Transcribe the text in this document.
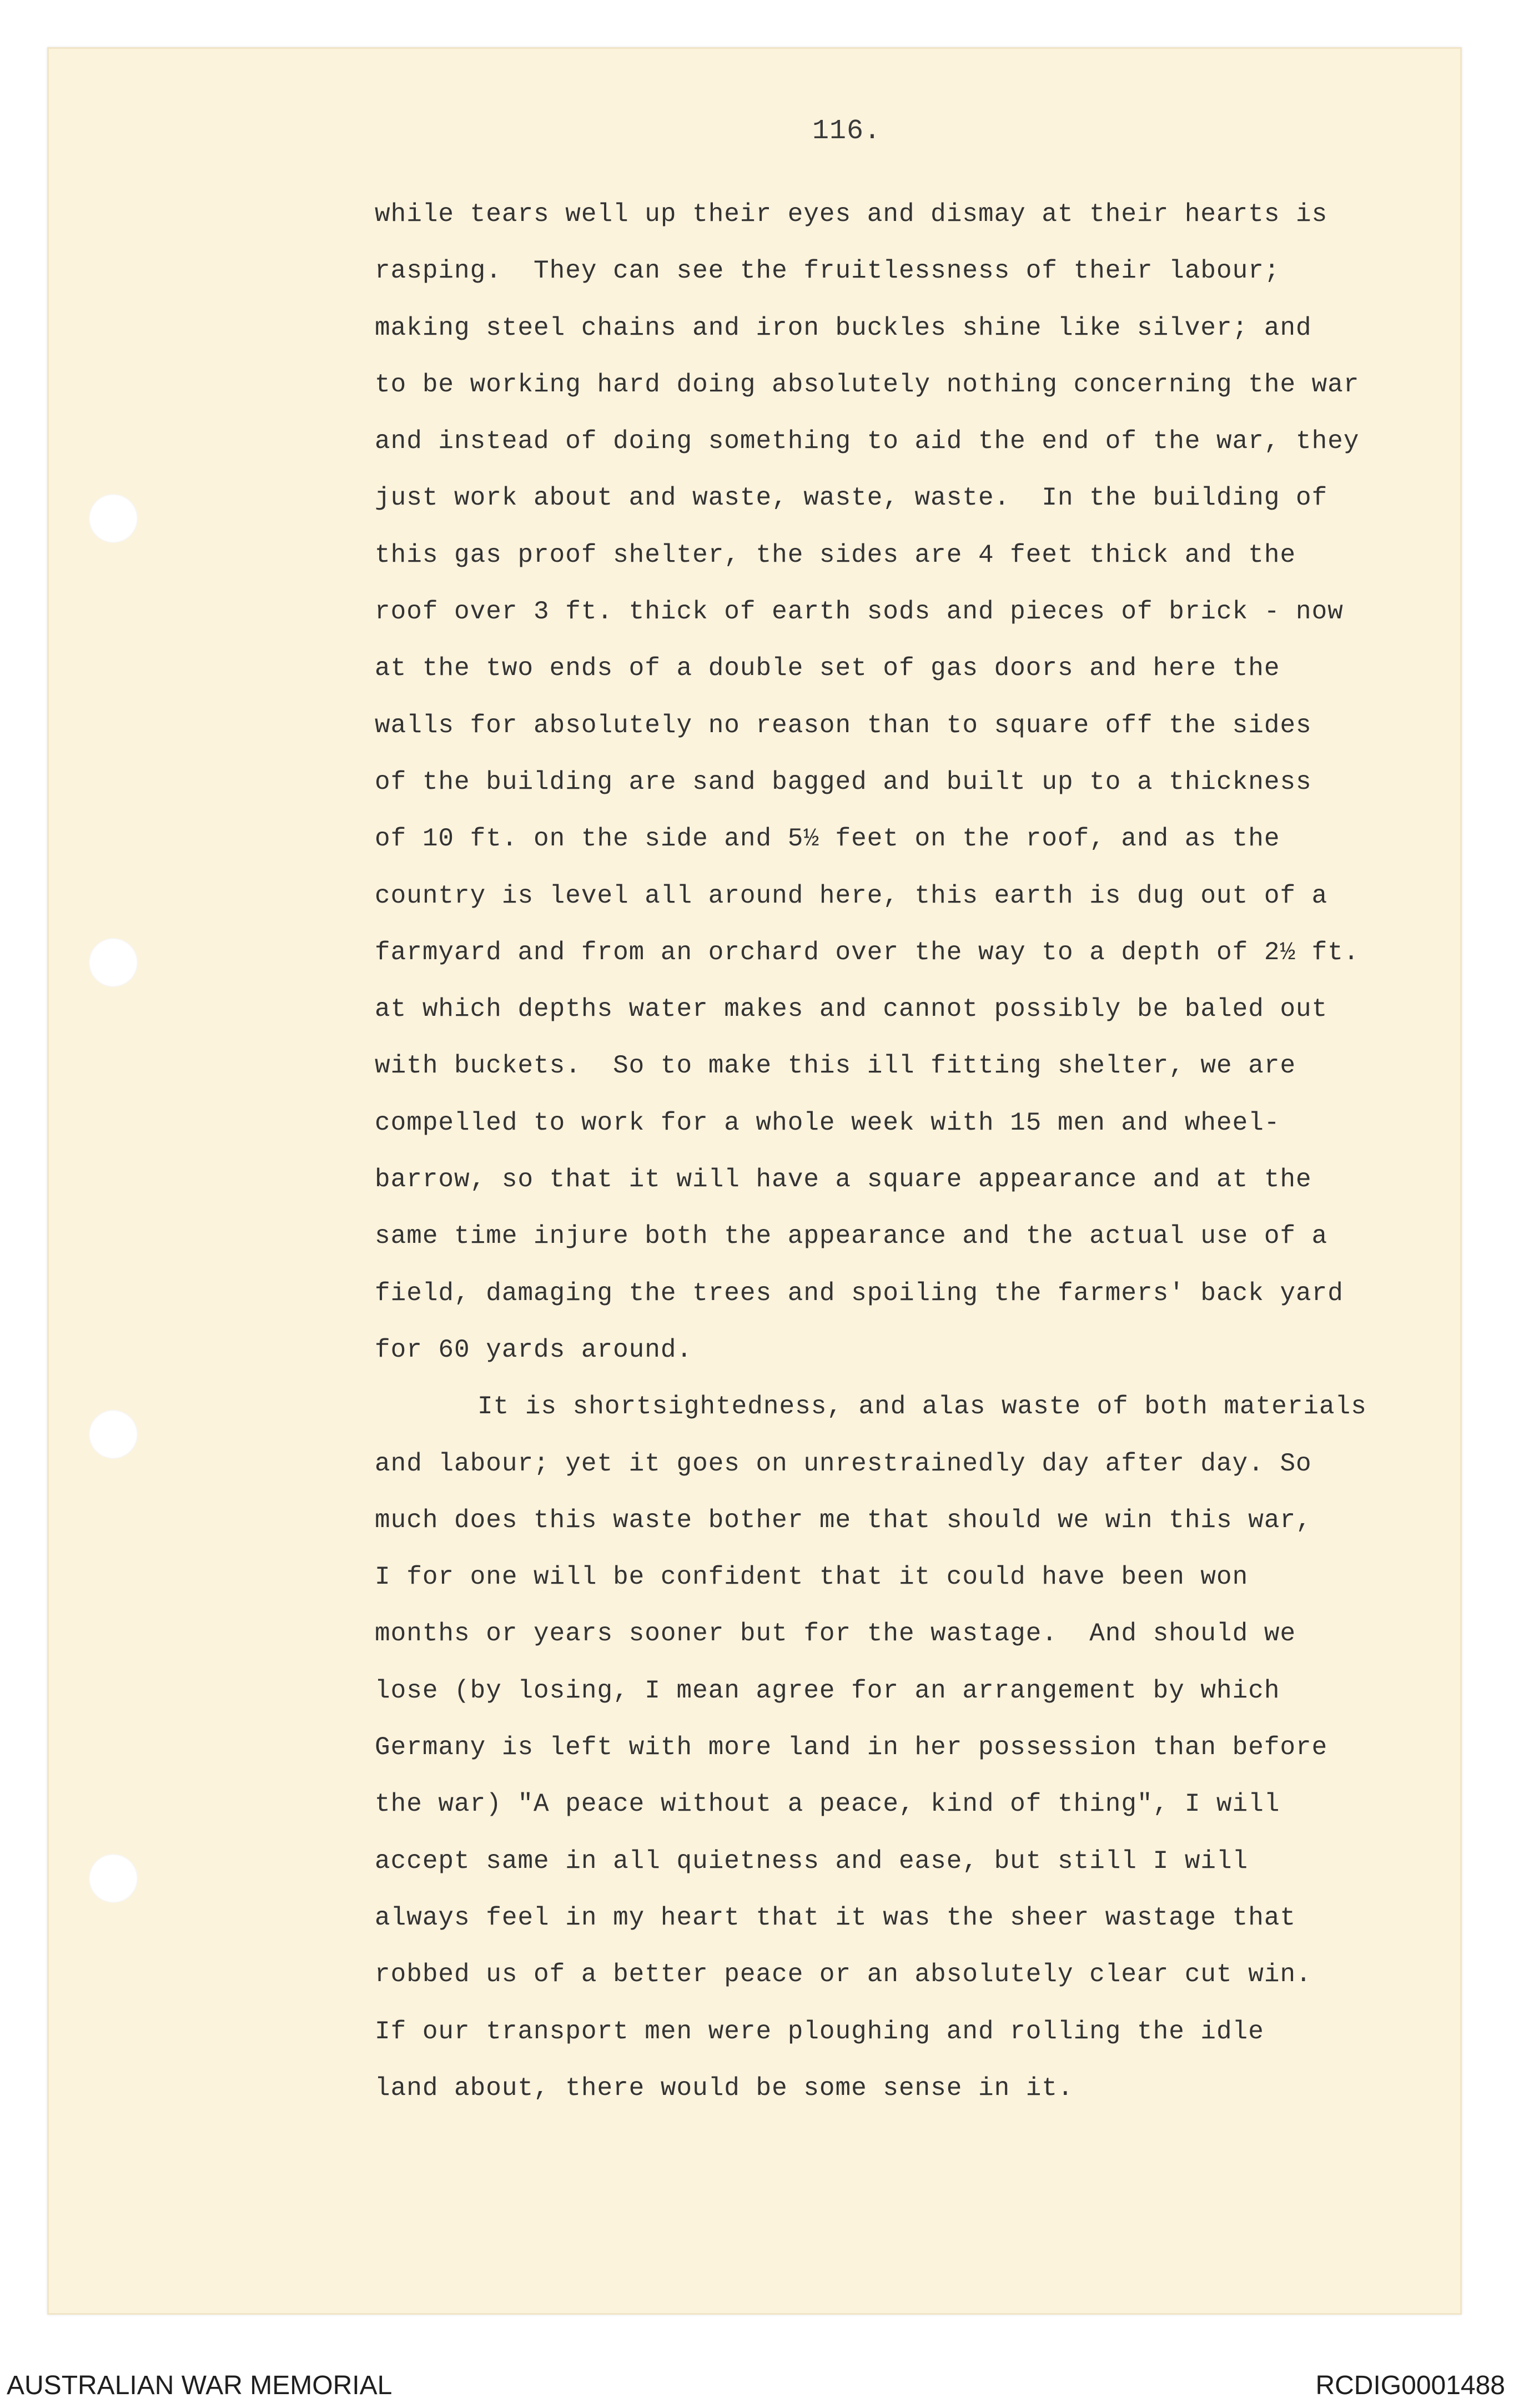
116.
while tears well up their eyes and dismay at their hearts is
rasping.  They can see the fruitlessness of their labour;
making steel chains and iron buckles shine like silver; and
to be working hard doing absolutely nothing concerning the war
and instead of doing something to aid the end of the war, they
just work about and waste, waste, waste.  In the building of
this gas proof shelter, the sides are 4 feet thick and the
roof over 3 ft. thick of earth sods and pieces of brick - now
at the two ends of a double set of gas doors and here the
walls for absolutely no reason than to square off the sides
of the building are sand bagged and built up to a thickness
of 10 ft. on the side and 5½ feet on the roof, and as the
country is level all around here, this earth is dug out of a
farmyard and from an orchard over the way to a depth of 2½ ft.
at which depths water makes and cannot possibly be baled out
with buckets.  So to make this ill fitting shelter, we are
compelled to work for a whole week with 15 men and wheel-
barrow, so that it will have a square appearance and at the
same time injure both the appearance and the actual use of a
field, damaging the trees and spoiling the farmers' back yard
for 60 yards around.
It is shortsightedness, and alas waste of both materials
and labour; yet it goes on unrestrainedly day after day. So
much does this waste bother me that should we win this war,
I for one will be confident that it could have been won
months or years sooner but for the wastage.  And should we
lose (by losing, I mean agree for an arrangement by which
Germany is left with more land in her possession than before
the war) "A peace without a peace, kind of thing", I will
accept same in all quietness and ease, but still I will
always feel in my heart that it was the sheer wastage that
robbed us of a better peace or an absolutely clear cut win.
If our transport men were ploughing and rolling the idle
land about, there would be some sense in it.
AUSTRALIAN WAR MEMORIAL	RCDIG0001488
